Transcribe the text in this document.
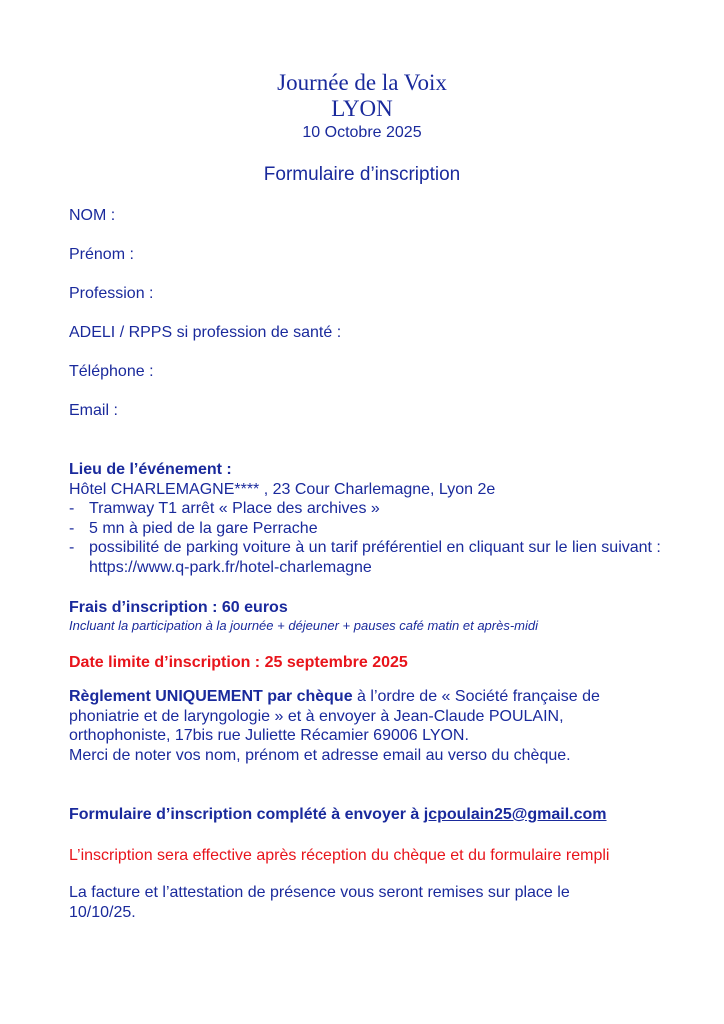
Journée de la Voix
LYON
10 Octobre 2025
Formulaire d’inscription
NOM :
Prénom :
Profession :
ADELI / RPPS si profession de santé :
Téléphone :
Email :
Lieu de l’événement :
Hôtel CHARLEMAGNE**** , 23 Cour Charlemagne, Lyon 2e
- Tramway T1 arrêt « Place des archives »
- 5 mn à pied de la gare Perrache
- possibilité de parking voiture à un tarif préférentiel en cliquant sur le lien suivant : https://www.q-park.fr/hotel-charlemagne
Frais d’inscription : 60 euros
Incluant la participation à la journée + déjeuner + pauses café matin et après-midi
Date limite d’inscription : 25 septembre 2025
Règlement UNIQUEMENT par chèque à l’ordre de « Société française de phoniatrie et de laryngologie » et à envoyer à Jean-Claude POULAIN, orthophoniste, 17bis rue Juliette Récamier 69006 LYON.
Merci de noter vos nom, prénom et adresse email au verso du chèque.
Formulaire d’inscription complété à envoyer à jcpoulain25@gmail.com
L’inscription sera effective après réception du chèque et du formulaire rempli
La facture et l’attestation de présence vous seront remises sur place le 10/10/25.
